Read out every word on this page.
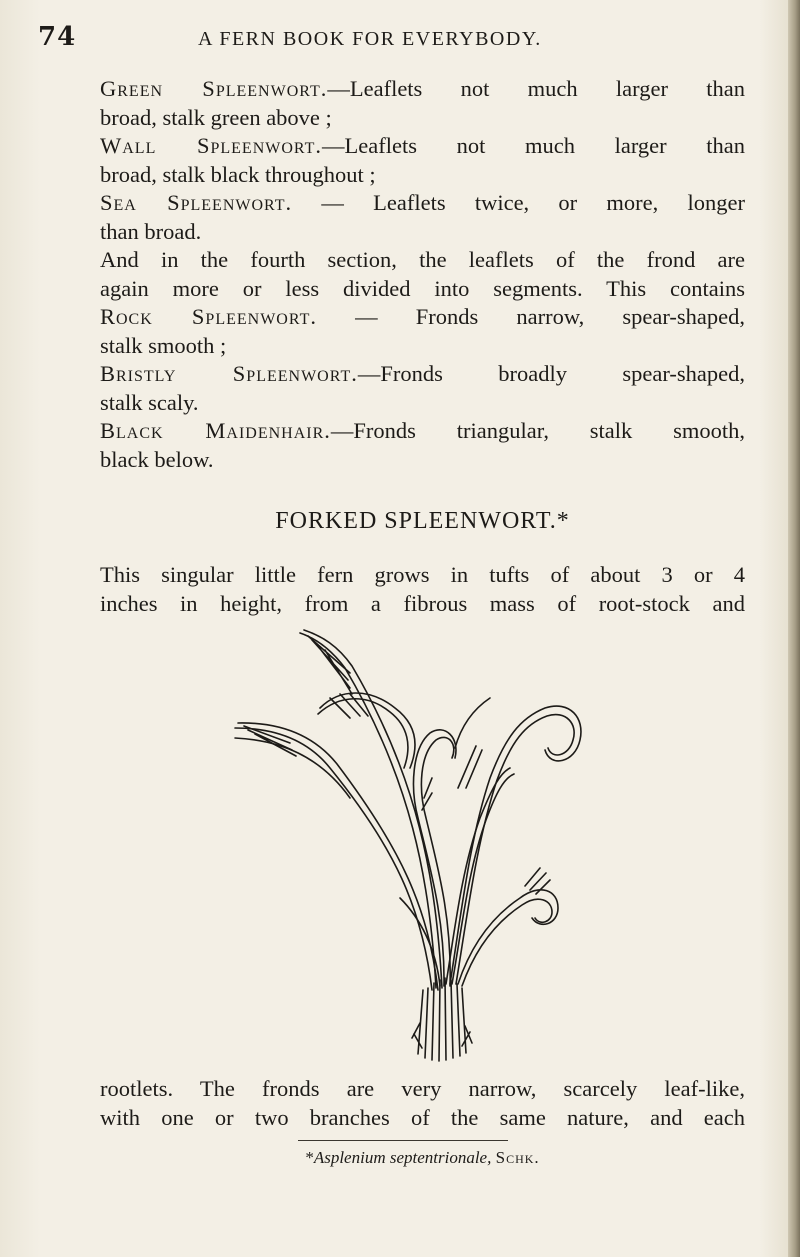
74	A FERN BOOK FOR EVERYBODY.
Green Spleenwort.—Leaflets not much larger than
broad, stalk green above ;
Wall Spleenwort.—Leaflets not much larger than
broad, stalk black throughout ;
Sea Spleenwort. — Leaflets twice, or more, longer
than broad.
And in the fourth section, the leaflets of the frond are
again more or less divided into segments. This contains
Rock Spleenwort. — Fronds narrow, spear-shaped,
stalk smooth ;
Bristly Spleenwort.—Fronds broadly spear-shaped,
stalk scaly.
Black Maidenhair.—Fronds triangular, stalk smooth,
black below.
FORKED SPLEENWORT.*
This singular little fern grows in tufts of about 3 or 4
inches in height, from a fibrous mass of root-stock and
rootlets. The fronds are very narrow, scarcely leaf-like,
with one or two branches of the same nature, and each
*Asplenium septentrionale, Schk.
